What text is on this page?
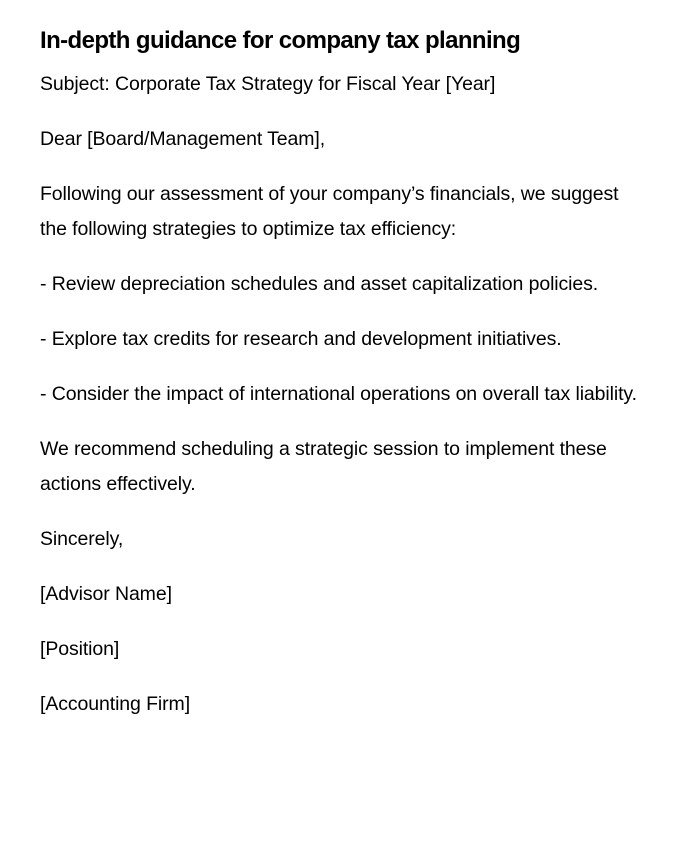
In-depth guidance for company tax planning

Subject: Corporate Tax Strategy for Fiscal Year [Year]

Dear [Board/Management Team],

Following our assessment of your company’s financials, we suggest the following strategies to optimize tax efficiency:

- Review depreciation schedules and asset capitalization policies.

- Explore tax credits for research and development initiatives.

- Consider the impact of international operations on overall tax liability.

We recommend scheduling a strategic session to implement these actions effectively.

Sincerely,

[Advisor Name]

[Position]

[Accounting Firm]
